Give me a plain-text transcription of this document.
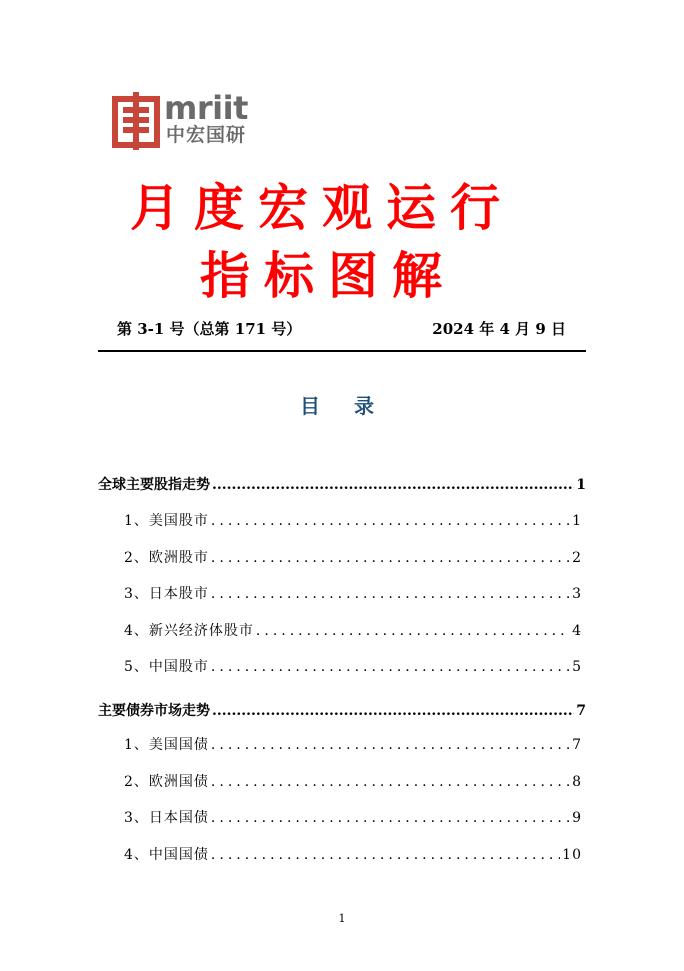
mriit
中宏国研
月度宏观运行
指标图解
第 3-1 号（总第 171 号）	2024 年 4 月 9 日
目录
全球主要股指走势 .....	1
1、美国股市 .....	1
2、欧洲股市 .....	2
3、日本股市 .....	3
4、新兴经济体股市 .....	4
5、中国股市 .....	5
主要债券市场走势 .....	7
1、美国国债 .....	7
2、欧洲国债 .....	8
3、日本国债 .....	9
4、中国国债 .....	10
1
